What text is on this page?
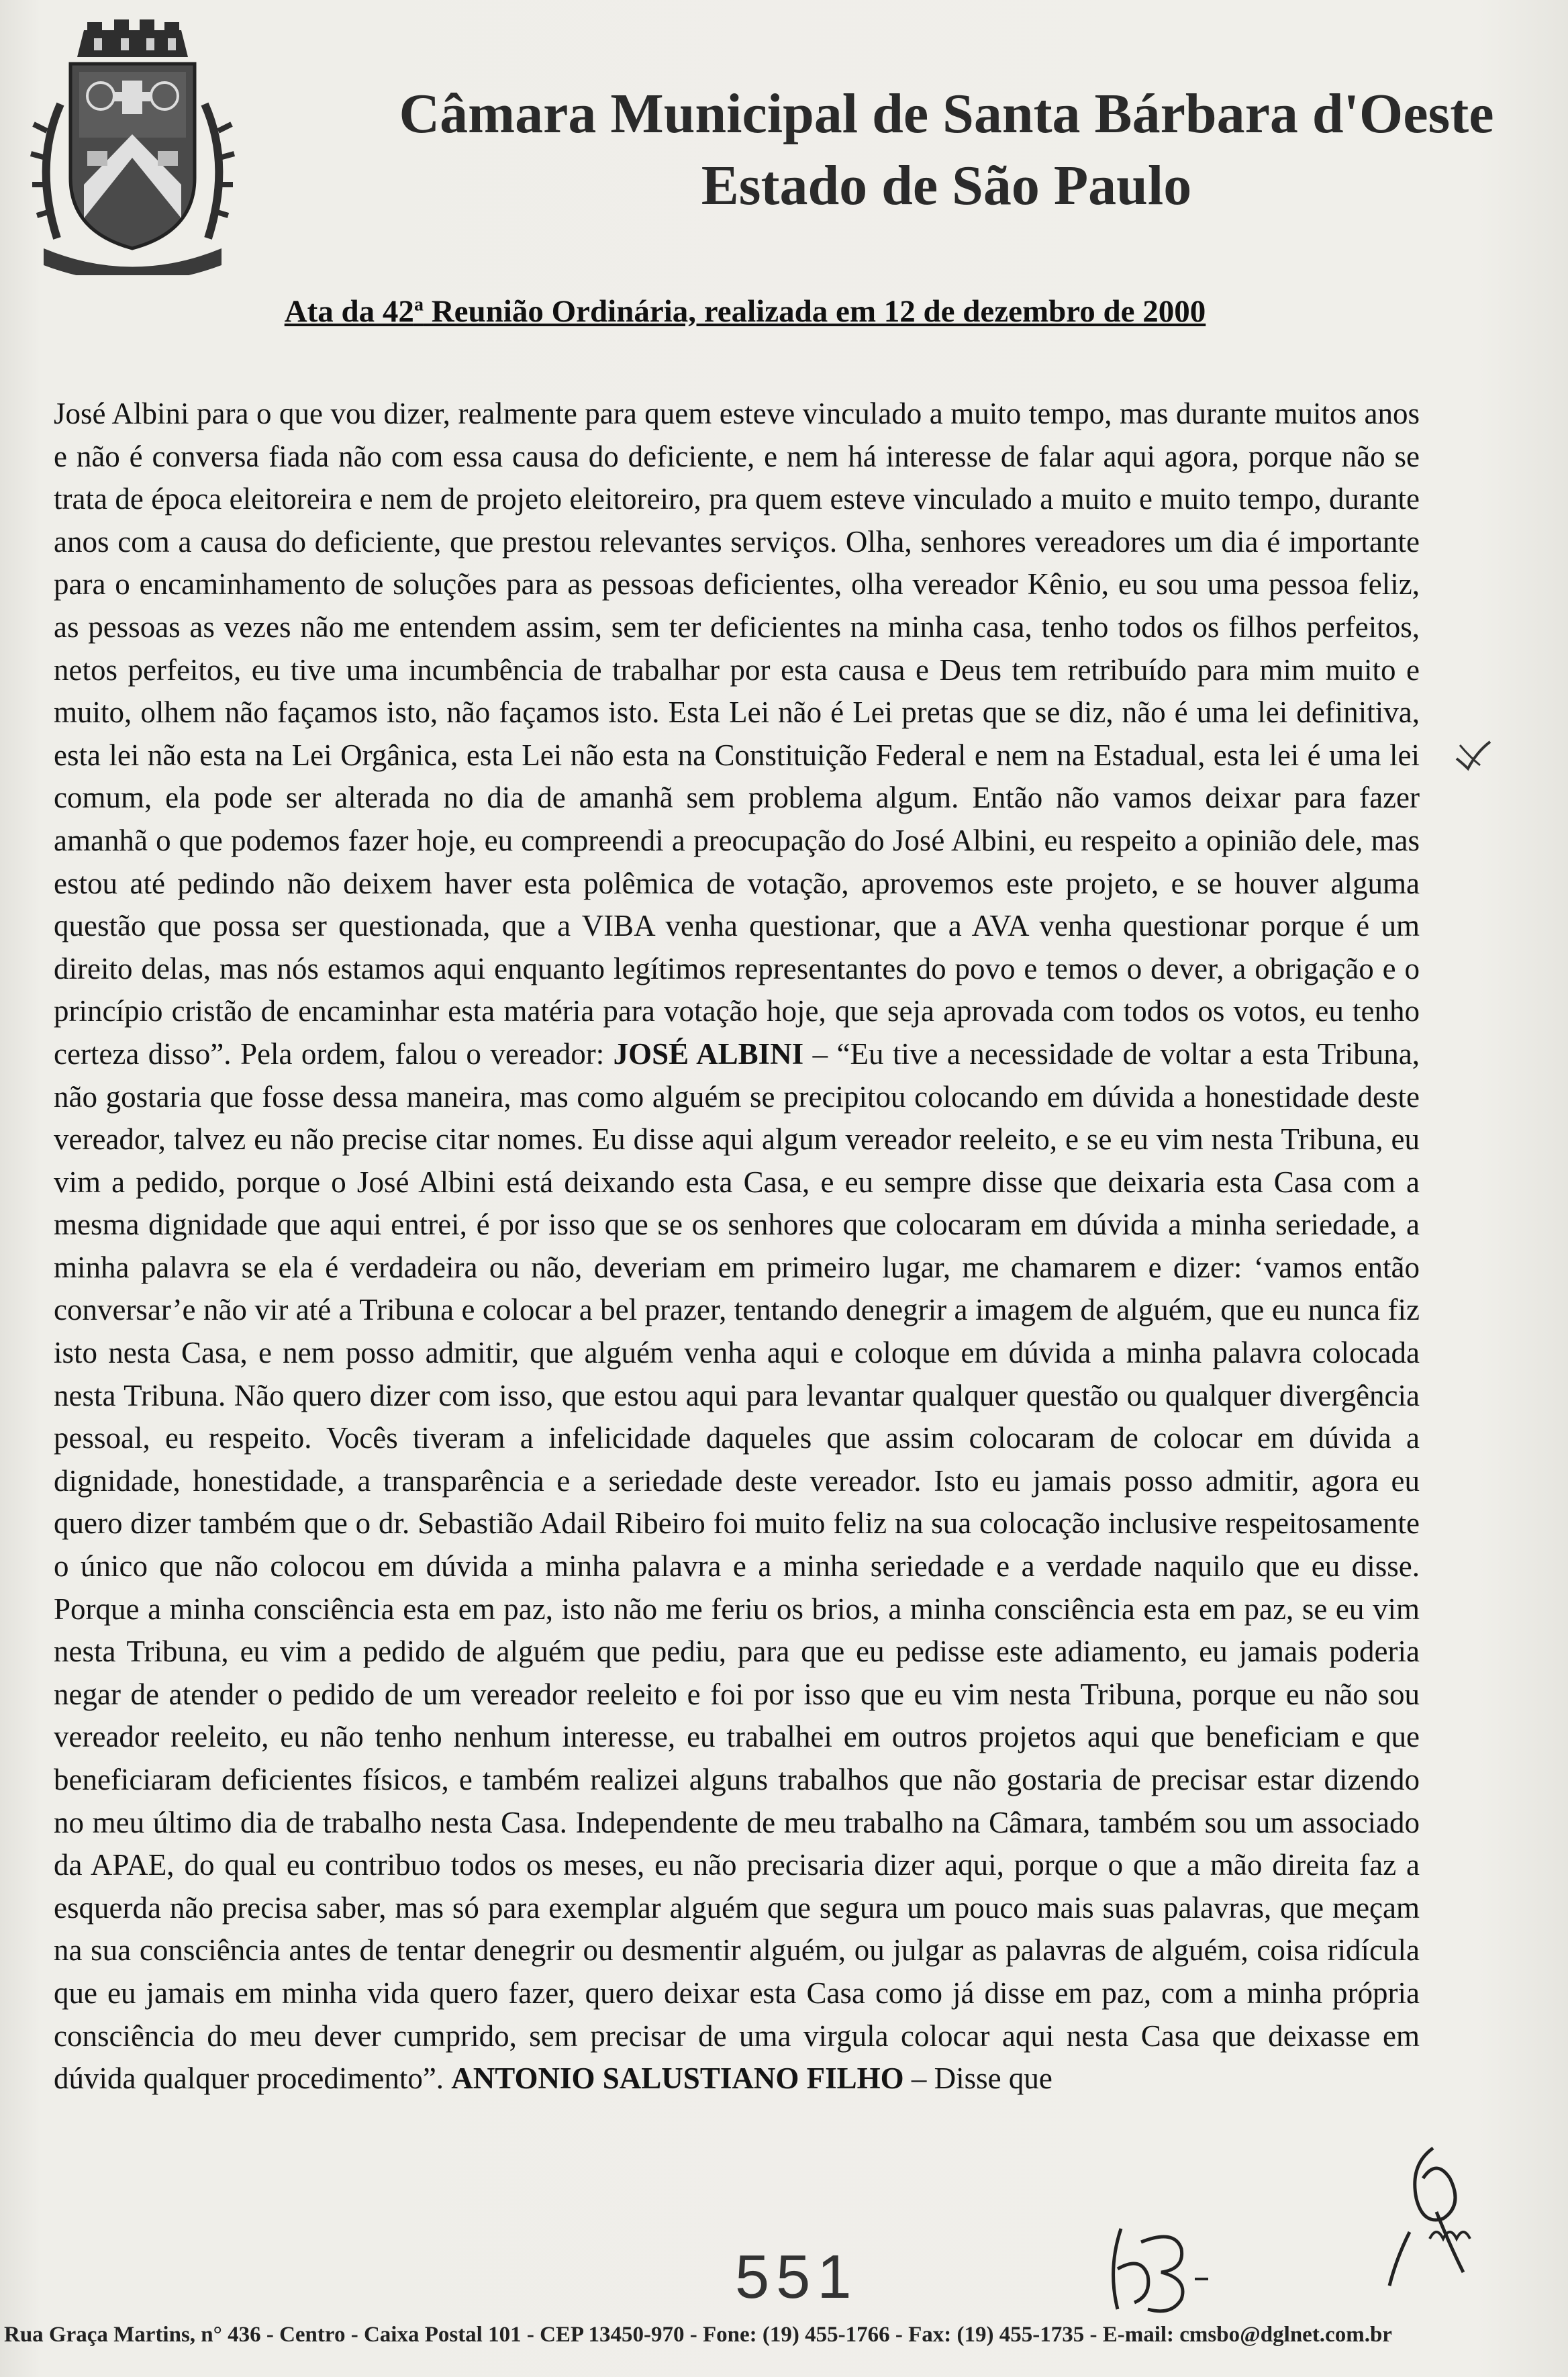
Câmara Municipal de Santa Bárbara d'Oeste
Estado de São Paulo
Ata da 42$^a$ Reunião Ordinária, realizada em 12 de dezembro de 2000

José Albini para o que vou dizer, realmente para quem esteve vinculado a muito tempo, mas durante muitos anos e não é conversa fiada não com essa causa do deficiente, e nem há interesse de falar aqui agora, porque não se trata de época eleitoreira e nem de projeto eleitoreiro, pra quem esteve vinculado a muito e muito tempo, durante anos com a causa do deficiente, que prestou relevantes serviços. Olha, senhores vereadores um dia é importante para o encaminhamento de soluções para as pessoas deficientes, olha vereador Kênio, eu sou uma pessoa feliz, as pessoas as vezes não me entendem assim, sem ter deficientes na minha casa, tenho todos os filhos perfeitos, netos perfeitos, eu tive uma incumbência de trabalhar por esta causa e Deus tem retribuído para mim muito e muito, olhem não façamos isto, não façamos isto. Esta Lei não é Lei pretas que se diz, não é uma lei definitiva, esta lei não esta na Lei Orgânica, esta Lei não esta na Constituição Federal e nem na Estadual, esta lei é uma lei comum, ela pode ser alterada no dia de amanhã sem problema algum. Então não vamos deixar para fazer amanhã o que podemos fazer hoje, eu compreendi a preocupação do José Albini, eu respeito a opinião dele, mas estou até pedindo não deixem haver esta polêmica de votação, aprovemos este projeto, e se houver alguma questão que possa ser questionada, que a VIBA venha questionar, que a AVA venha questionar porque é um direito delas, mas nós estamos aqui enquanto legítimos representantes do povo e temos o dever, a obrigação e o princípio cristão de encaminhar esta matéria para votação hoje, que seja aprovada com todos os votos, eu tenho certeza disso”. Pela ordem, falou o vereador: JOSÉ ALBINI – “Eu tive a necessidade de voltar a esta Tribuna, não gostaria que fosse dessa maneira, mas como alguém se precipitou colocando em dúvida a honestidade deste vereador, talvez eu não precise citar nomes. Eu disse aqui algum vereador reeleito, e se eu vim nesta Tribuna, eu vim a pedido, porque o José Albini está deixando esta Casa, e eu sempre disse que deixaria esta Casa com a mesma dignidade que aqui entrei, é por isso que se os senhores que colocaram em dúvida a minha seriedade, a minha palavra se ela é verdadeira ou não, deveriam em primeiro lugar, me chamarem e dizer: ‘vamos então conversar’e não vir até a Tribuna e colocar a bel prazer, tentando denegrir a imagem de alguém, que eu nunca fiz isto nesta Casa, e nem posso admitir, que alguém venha aqui e coloque em dúvida a minha palavra colocada nesta Tribuna. Não quero dizer com isso, que estou aqui para levantar qualquer questão ou qualquer divergência pessoal, eu respeito. Vocês tiveram a infelicidade daqueles que assim colocaram de colocar em dúvida a dignidade, honestidade, a transparência e a seriedade deste vereador. Isto eu jamais posso admitir, agora eu quero dizer também que o dr. Sebastião Adail Ribeiro foi muito feliz na sua colocação inclusive respeitosamente o único que não colocou em dúvida a minha palavra e a minha seriedade e a verdade naquilo que eu disse. Porque a minha consciência esta em paz, isto não me feriu os brios, a minha consciência esta em paz, se eu vim nesta Tribuna, eu vim a pedido de alguém que pediu, para que eu pedisse este adiamento, eu jamais poderia negar de atender o pedido de um vereador reeleito e foi por isso que eu vim nesta Tribuna, porque eu não sou vereador reeleito, eu não tenho nenhum interesse, eu trabalhei em outros projetos aqui que beneficiam e que beneficiaram deficientes físicos, e também realizei alguns trabalhos que não gostaria de precisar estar dizendo no meu último dia de trabalho nesta Casa. Independente de meu trabalho na Câmara, também sou um associado da APAE, do qual eu contribuo todos os meses, eu não precisaria dizer aqui, porque o que a mão direita faz a esquerda não precisa saber, mas só para exemplar alguém que segura um pouco mais suas palavras, que meçam na sua consciência antes de tentar denegrir ou desmentir alguém, ou julgar as palavras de alguém, coisa ridícula que eu jamais em minha vida quero fazer, quero deixar esta Casa como já disse em paz, com a minha própria consciência do meu dever cumprido, sem precisar de uma virgula colocar aqui nesta Casa que deixasse em dúvida qualquer procedimento”. ANTONIO SALUSTIANO FILHO – Disse que

551
Rua Graça Martins, n° 436 - Centro - Caixa Postal 101 - CEP 13450-970 - Fone: (19) 455-1766 - Fax: (19) 455-1735 - E-mail: cmsbo@dglnet.com.br
